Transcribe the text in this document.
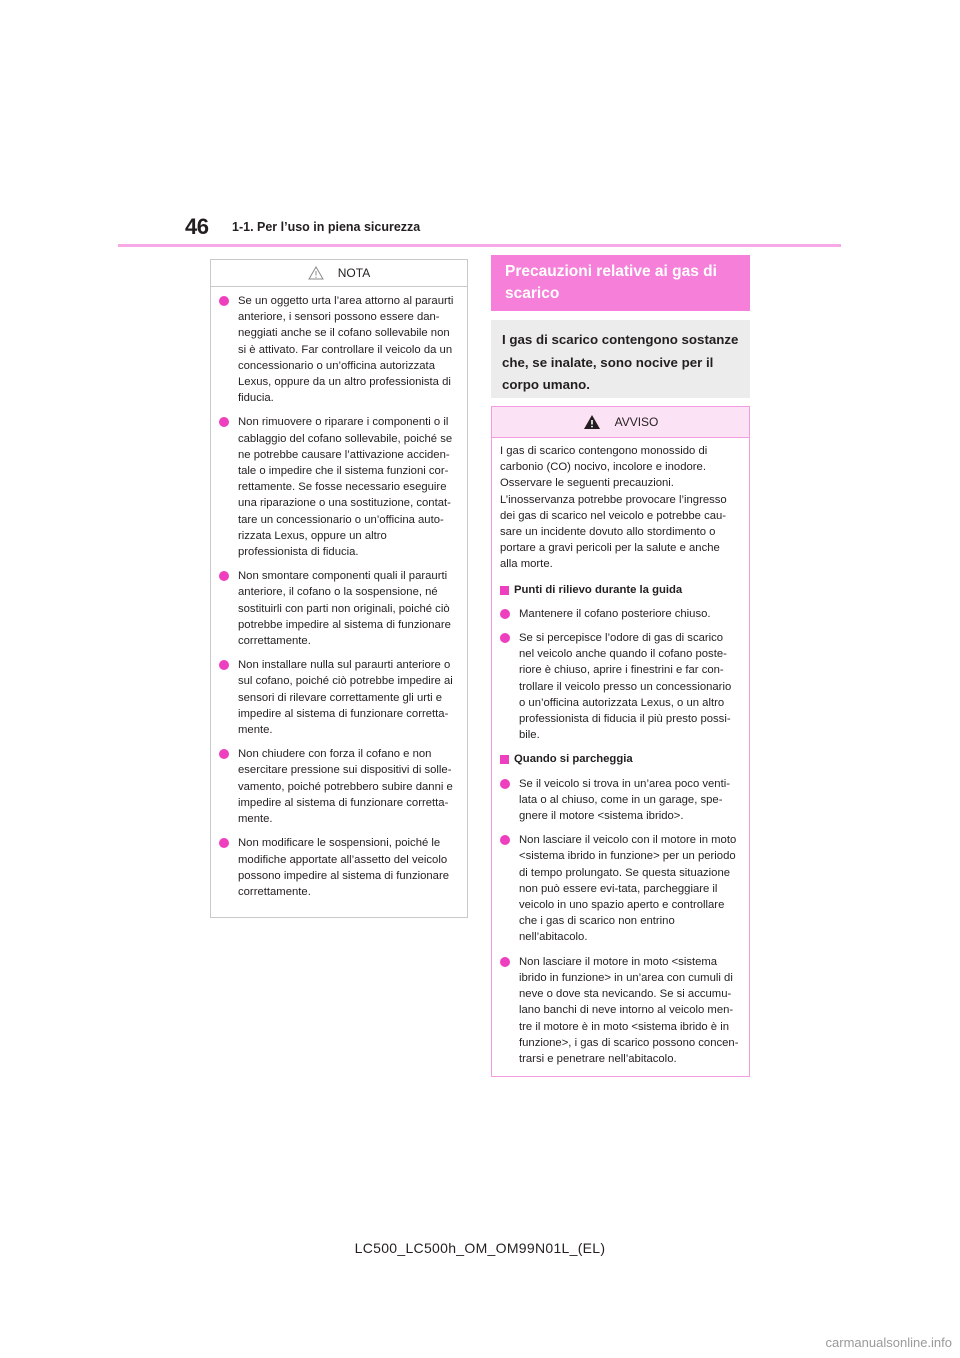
46 1-1. Per l’uso in piena sicurezza
NOTA
Se un oggetto urta l’area attorno al paraurti anteriore, i sensori possono essere dan-neggiati anche se il cofano sollevabile non si è attivato. Far controllare il veicolo da un concessionario o un’officina autorizzata Lexus, oppure da un altro professionista di fiducia.
Non rimuovere o riparare i componenti o il cablaggio del cofano sollevabile, poiché se ne potrebbe causare l’attivazione acciden-tale o impedire che il sistema funzioni cor-rettamente. Se fosse necessario eseguire una riparazione o una sostituzione, contat-tare un concessionario o un’officina auto-rizzata Lexus, oppure un altro professionista di fiducia.
Non smontare componenti quali il paraurti anteriore, il cofano o la sospensione, né sostituirli con parti non originali, poiché ciò potrebbe impedire al sistema di funzionare correttamente.
Non installare nulla sul paraurti anteriore o sul cofano, poiché ciò potrebbe impedire ai sensori di rilevare correttamente gli urti e impedire al sistema di funzionare corretta-mente.
Non chiudere con forza il cofano e non esercitare pressione sui dispositivi di solle-vamento, poiché potrebbero subire danni e impedire al sistema di funzionare corretta-mente.
Non modificare le sospensioni, poiché le modifiche apportate all’assetto del veicolo possono impedire al sistema di funzionare correttamente.
Precauzioni relative ai gas di scarico
I gas di scarico contengono sostanze che, se inalate, sono nocive per il corpo umano.
AVVISO
I gas di scarico contengono monossido di carbonio (CO) nocivo, incolore e inodore. Osservare le seguenti precauzioni. L’inosservanza potrebbe provocare l’ingresso dei gas di scarico nel veicolo e potrebbe cau-sare un incidente dovuto allo stordimento o portare a gravi pericoli per la salute e anche alla morte.
Punti di rilievo durante la guida
Mantenere il cofano posteriore chiuso.
Se si percepisce l’odore di gas di scarico nel veicolo anche quando il cofano poste-riore è chiuso, aprire i finestrini e far con-trollare il veicolo presso un concessionario o un’officina autorizzata Lexus, o un altro professionista di fiducia il più presto possi-bile.
Quando si parcheggia
Se il veicolo si trova in un’area poco venti-lata o al chiuso, come in un garage, spe-gnere il motore <sistema ibrido>.
Non lasciare il veicolo con il motore in moto <sistema ibrido in funzione> per un periodo di tempo prolungato. Se questa situazione non può essere evi-tata, parcheggiare il veicolo in uno spazio aperto e controllare che i gas di scarico non entrino nell’abitacolo.
Non lasciare il motore in moto <sistema ibrido in funzione> in un’area con cumuli di neve o dove sta nevicando. Se si accumu-lano banchi di neve intorno al veicolo men-tre il motore è in moto <sistema ibrido è in funzione>, i gas di scarico possono concen-trarsi e penetrare nell’abitacolo.
LC500_LC500h_OM_OM99N01L_(EL)
carmanualsonline.info
